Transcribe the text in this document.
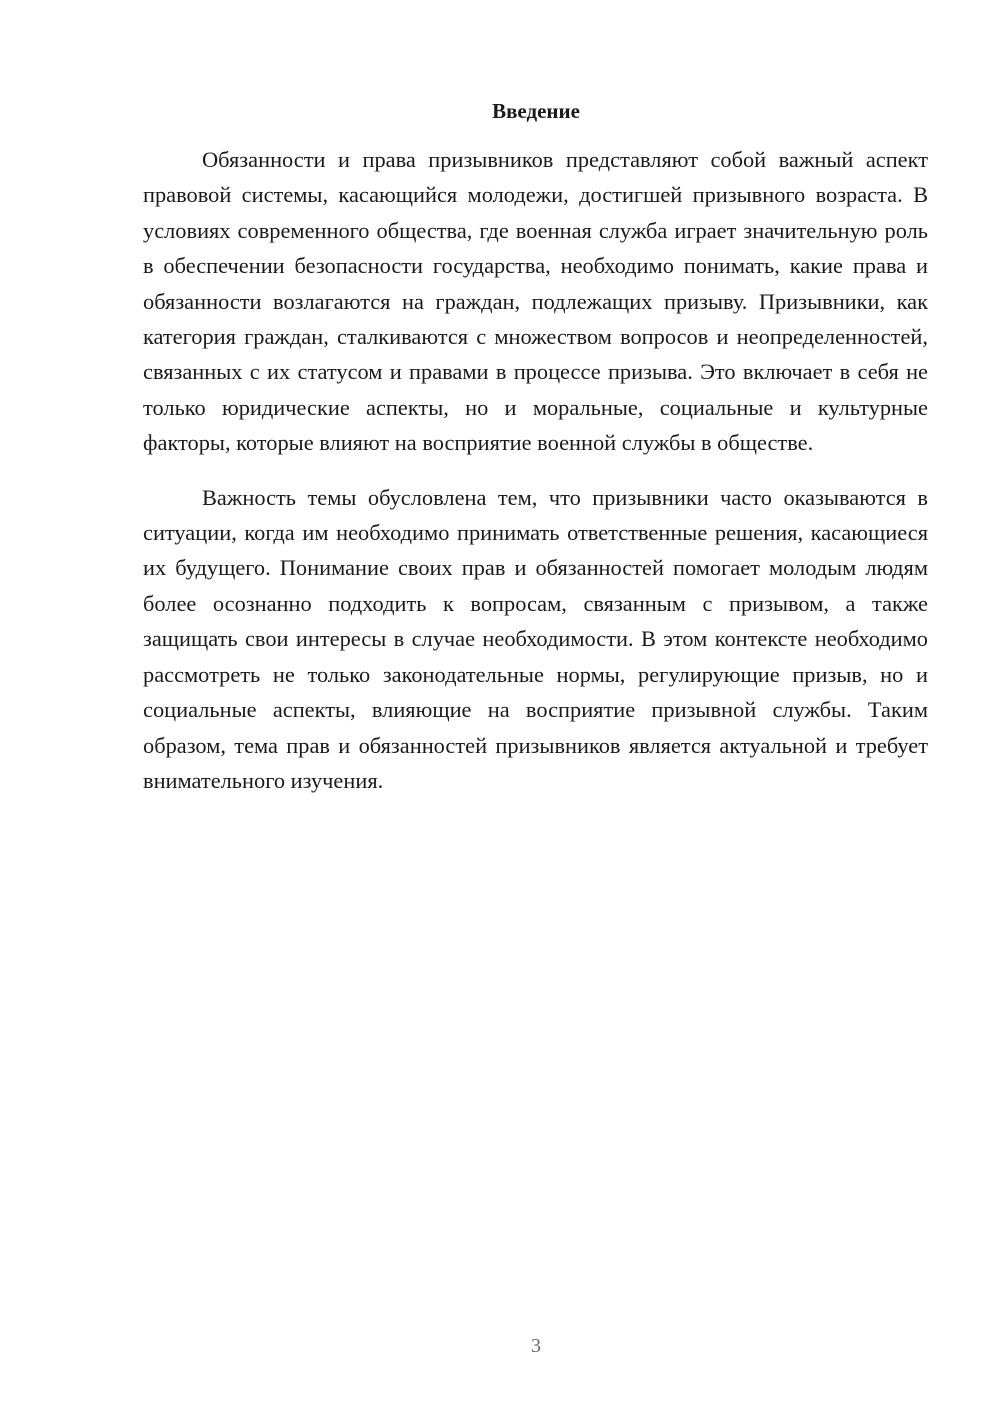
Введение

Обязанности и права призывников представляют собой важный аспект правовой системы, касающийся молодежи, достигшей призывного возраста. В условиях современного общества, где военная служба играет значительную роль в обеспечении безопасности государства, необходимо понимать, какие права и обязанности возлагаются на граждан, подлежащих призыву. Призывники, как категория граждан, сталкиваются с множеством вопросов и неопределенностей, связанных с их статусом и правами в процессе призыва. Это включает в себя не только юридические аспекты, но и моральные, социальные и культурные факторы, которые влияют на восприятие военной службы в обществе.

Важность темы обусловлена тем, что призывники часто оказываются в ситуации, когда им необходимо принимать ответственные решения, касающиеся их будущего. Понимание своих прав и обязанностей помогает молодым людям более осознанно подходить к вопросам, связанным с призывом, а также защищать свои интересы в случае необходимости. В этом контексте необходимо рассмотреть не только законодательные нормы, регулирующие призыв, но и социальные аспекты, влияющие на восприятие призывной службы. Таким образом, тема прав и обязанностей призывников является актуальной и требует внимательного изучения.

3
